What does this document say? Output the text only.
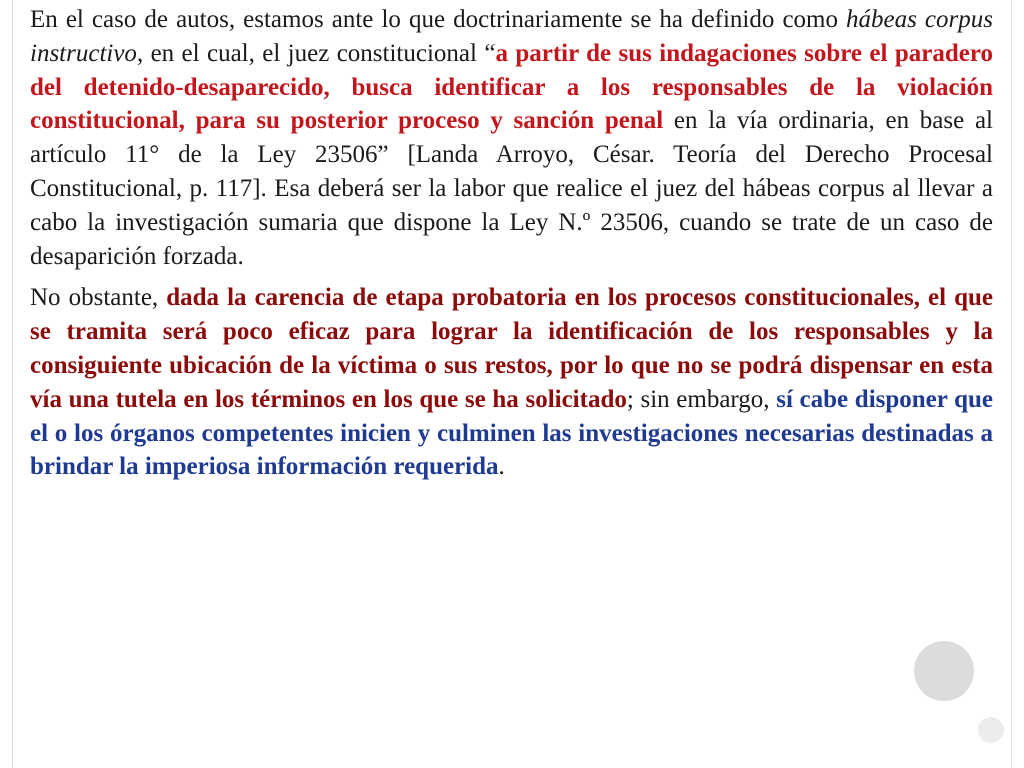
En el caso de autos, estamos ante lo que doctrinariamente se ha definido como hábeas corpus instructivo, en el cual, el juez constitucional “a partir de sus indagaciones sobre el paradero del detenido-desaparecido, busca identificar a los responsables de la violación constitucional, para su posterior proceso y sanción penal en la vía ordinaria, en base al artículo 11° de la Ley 23506” [Landa Arroyo, César. Teoría del Derecho Procesal Constitucional, p. 117]. Esa deberá ser la labor que realice el juez del hábeas corpus al llevar a cabo la investigación sumaria que dispone la Ley N.º 23506, cuando se trate de un caso de desaparición forzada.

No obstante, dada la carencia de etapa probatoria en los procesos constitucionales, el que se tramita será poco eficaz para lograr la identificación de los responsables y la consiguiente ubicación de la víctima o sus restos, por lo que no se podrá dispensar en esta vía una tutela en los términos en los que se ha solicitado; sin embargo, sí cabe disponer que el o los órganos competentes inicien y culminen las investigaciones necesarias destinadas a brindar la imperiosa información requerida.
